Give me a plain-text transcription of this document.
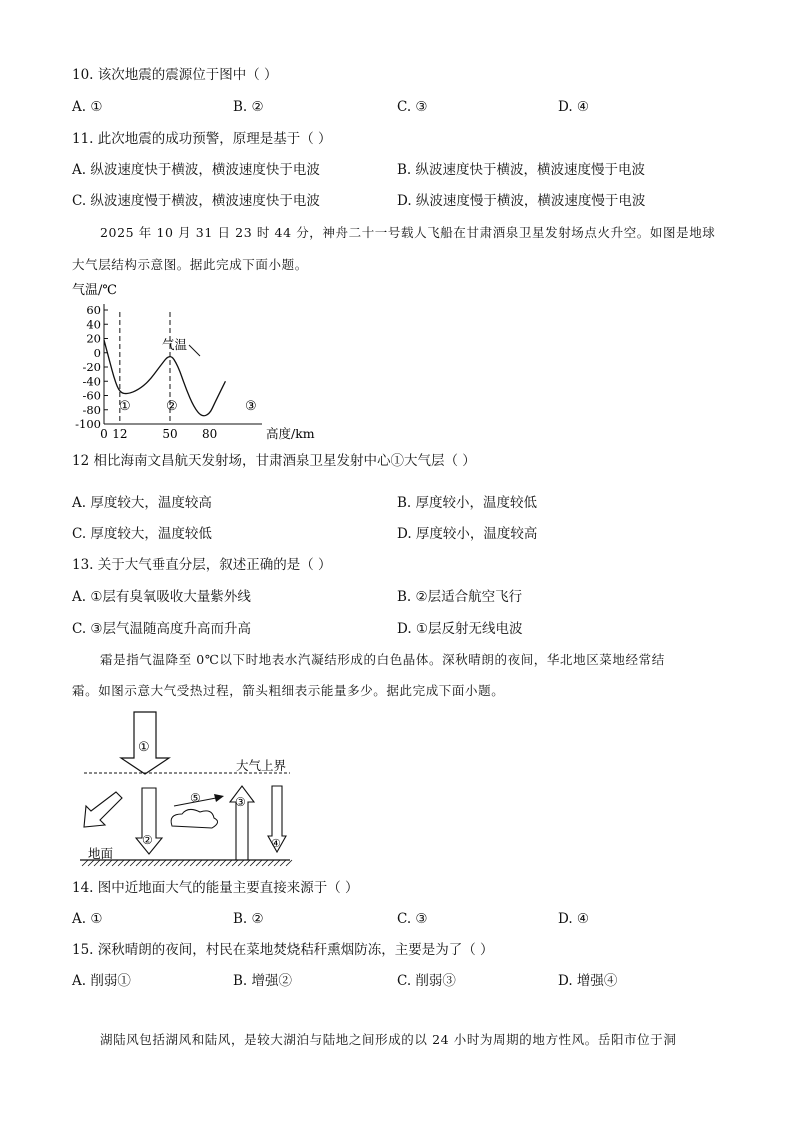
10. 该次地震的震源位于图中（ ）
A. ①	B. ②	C. ③	D. ④
11. 此次地震的成功预警，原理是基于（ ）
A. 纵波速度快于横波，横波速度快于电波	B. 纵波速度快于横波，横波速度慢于电波
C. 纵波速度慢于横波，横波速度快于电波	D. 纵波速度慢于横波，横波速度慢于电波
2025 年 10 月 31 日 23 时 44 分，神舟二十一号载人飞船在甘肃酒泉卫星发射场点火升空。如图是地球
大气层结构示意图。据此完成下面小题。
气温/℃
60
40
20
0
-20
-40
-60
-80
-100
0 12	50 80
气温
①	②	③
高度/km
12 相比海南文昌航天发射场，甘肃酒泉卫星发射中心①大气层（ ）
A. 厚度较大，温度较高	B. 厚度较小，温度较低
C. 厚度较大，温度较低	D. 厚度较小，温度较高
13. 关于大气垂直分层，叙述正确的是（ ）
A. ①层有臭氧吸收大量紫外线	B. ②层适合航空飞行
C. ③层气温随高度升高而升高	D. ①层反射无线电波
霜是指气温降至 0℃以下时地表水汽凝结形成的白色晶体。深秋晴朗的夜间，华北地区菜地经常结
霜。如图示意大气受热过程，箭头粗细表示能量多少。据此完成下面小题。
①
大气上界
②
⑤	③
④
地面
14. 图中近地面大气的能量主要直接来源于（ ）
A. ①	B. ②	C. ③	D. ④
15. 深秋晴朗的夜间，村民在菜地焚烧秸秆熏烟防冻，主要是为了（ ）
A. 削弱①	B. 增强②	C. 削弱③	D. 增强④
湖陆风包括湖风和陆风，是较大湖泊与陆地之间形成的以 24 小时为周期的地方性风。岳阳市位于洞
